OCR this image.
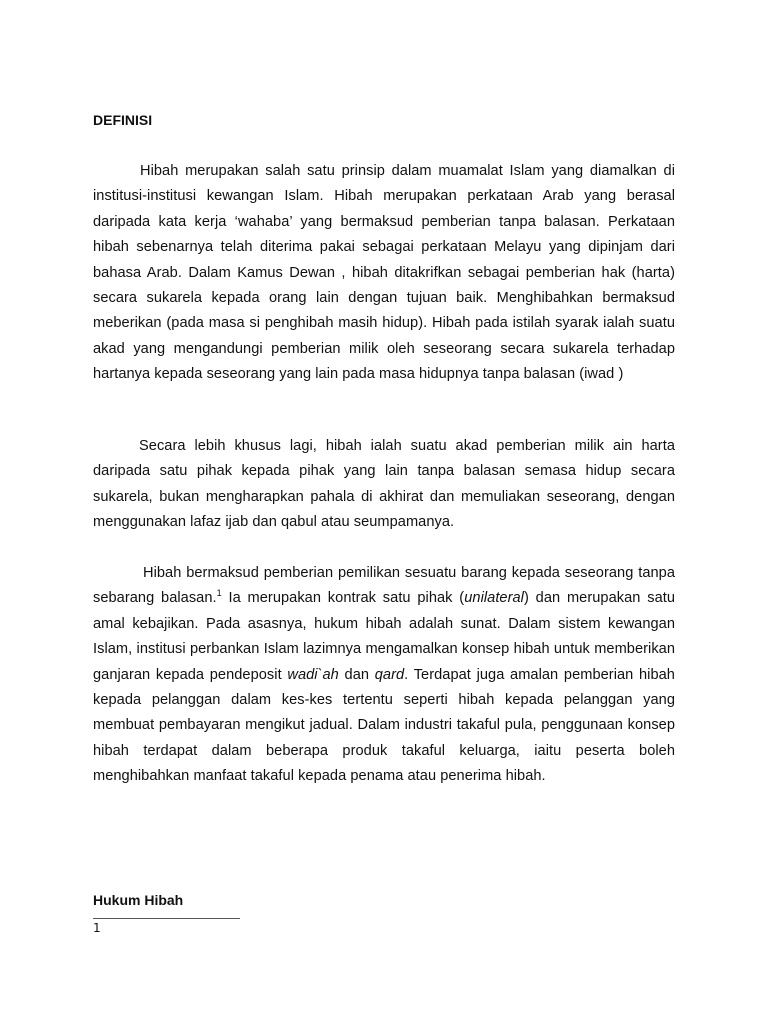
DEFINISI

Hibah merupakan salah satu prinsip dalam muamalat Islam yang diamalkan di institusi-institusi kewangan Islam. Hibah merupakan perkataan Arab yang berasal daripada kata kerja ‘wahaba’ yang bermaksud pemberian tanpa balasan. Perkataan hibah sebenarnya telah diterima pakai sebagai perkataan Melayu yang dipinjam dari bahasa Arab. Dalam Kamus Dewan , hibah ditakrifkan sebagai pemberian hak (harta) secara sukarela kepada orang lain dengan tujuan baik. Menghibahkan bermaksud meberikan (pada masa si penghibah masih hidup). Hibah pada istilah syarak ialah suatu akad yang mengandungi pemberian milik oleh seseorang secara sukarela terhadap hartanya kepada seseorang yang lain pada masa hidupnya tanpa balasan (iwad )

Secara lebih khusus lagi, hibah ialah suatu akad pemberian milik ain harta daripada satu pihak kepada pihak yang lain tanpa balasan semasa hidup secara sukarela, bukan mengharapkan pahala di akhirat dan memuliakan seseorang, dengan menggunakan lafaz ijab dan qabul atau seumpamanya.

Hibah bermaksud pemberian pemilikan sesuatu barang kepada seseorang tanpa sebarang balasan.$^1$ Ia merupakan kontrak satu pihak (unilateral) dan merupakan satu amal kebajikan. Pada asasnya, hukum hibah adalah sunat. Dalam sistem kewangan Islam, institusi perbankan Islam lazimnya mengamalkan konsep hibah untuk memberikan ganjaran kepada pendeposit wadi`ah dan qard. Terdapat juga amalan pemberian hibah kepada pelanggan dalam kes-kes tertentu seperti hibah kepada pelanggan yang membuat pembayaran mengikut jadual. Dalam industri takaful pula, penggunaan konsep hibah terdapat dalam beberapa produk takaful keluarga, iaitu peserta boleh menghibahkan manfaat takaful kepada penama atau penerima hibah.

Hukum Hibah
1
